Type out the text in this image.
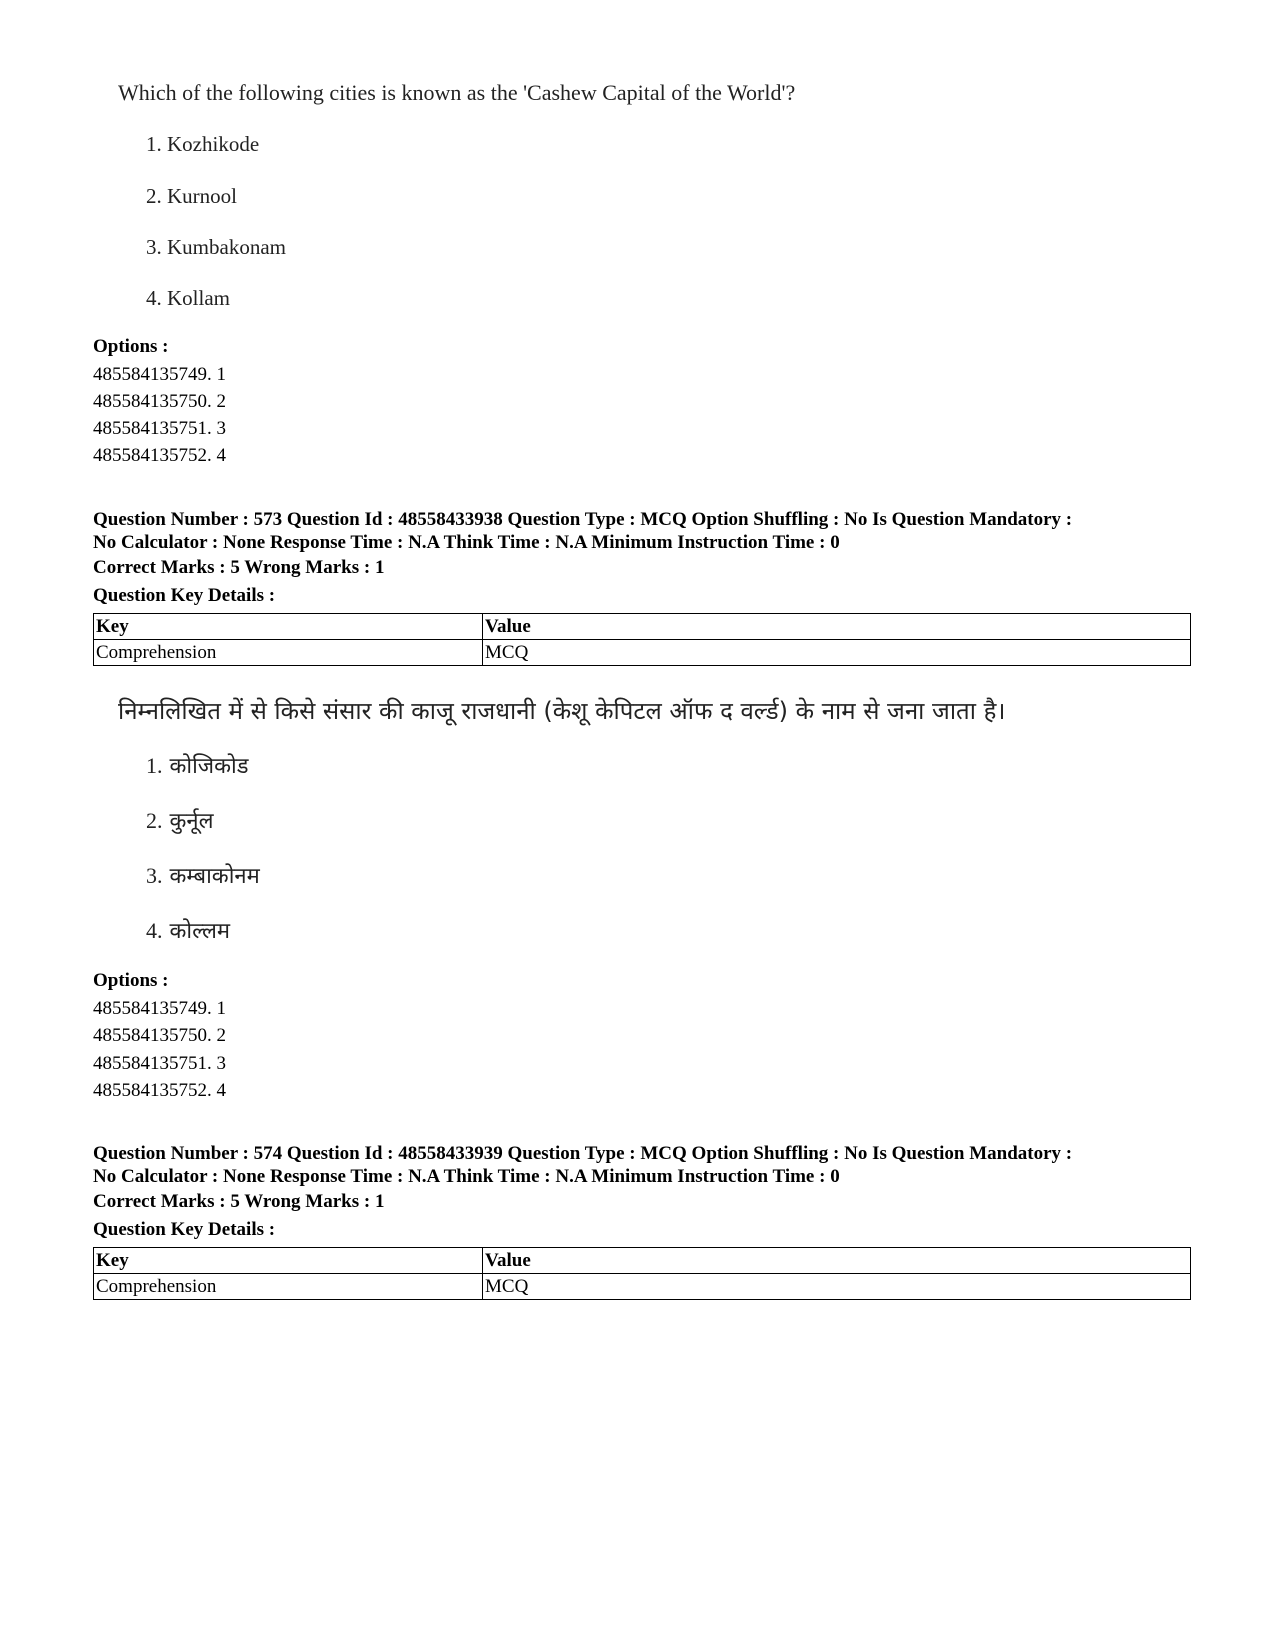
Which of the following cities is known as the 'Cashew Capital of the World'?
1. Kozhikode
2. Kurnool
3. Kumbakonam
4. Kollam
Options :
485584135749. 1
485584135750. 2
485584135751. 3
485584135752. 4
Question Number : 573 Question Id : 48558433938 Question Type : MCQ Option Shuffling : No Is Question Mandatory :
No Calculator : None Response Time : N.A Think Time : N.A Minimum Instruction Time : 0
Correct Marks : 5 Wrong Marks : 1
Question Key Details :
Key	Value
Comprehension	MCQ
निम्नलिखित में से किसे संसार की काजू राजधानी (केशू केपिटल ऑफ द वर्ल्ड) के नाम से जना जाता है।
1. कोजिकोड
2. कुर्नूल
3. कम्बाकोनम
4. कोल्लम
Options :
485584135749. 1
485584135750. 2
485584135751. 3
485584135752. 4
Question Number : 574 Question Id : 48558433939 Question Type : MCQ Option Shuffling : No Is Question Mandatory :
No Calculator : None Response Time : N.A Think Time : N.A Minimum Instruction Time : 0
Correct Marks : 5 Wrong Marks : 1
Question Key Details :
Key	Value
Comprehension	MCQ
